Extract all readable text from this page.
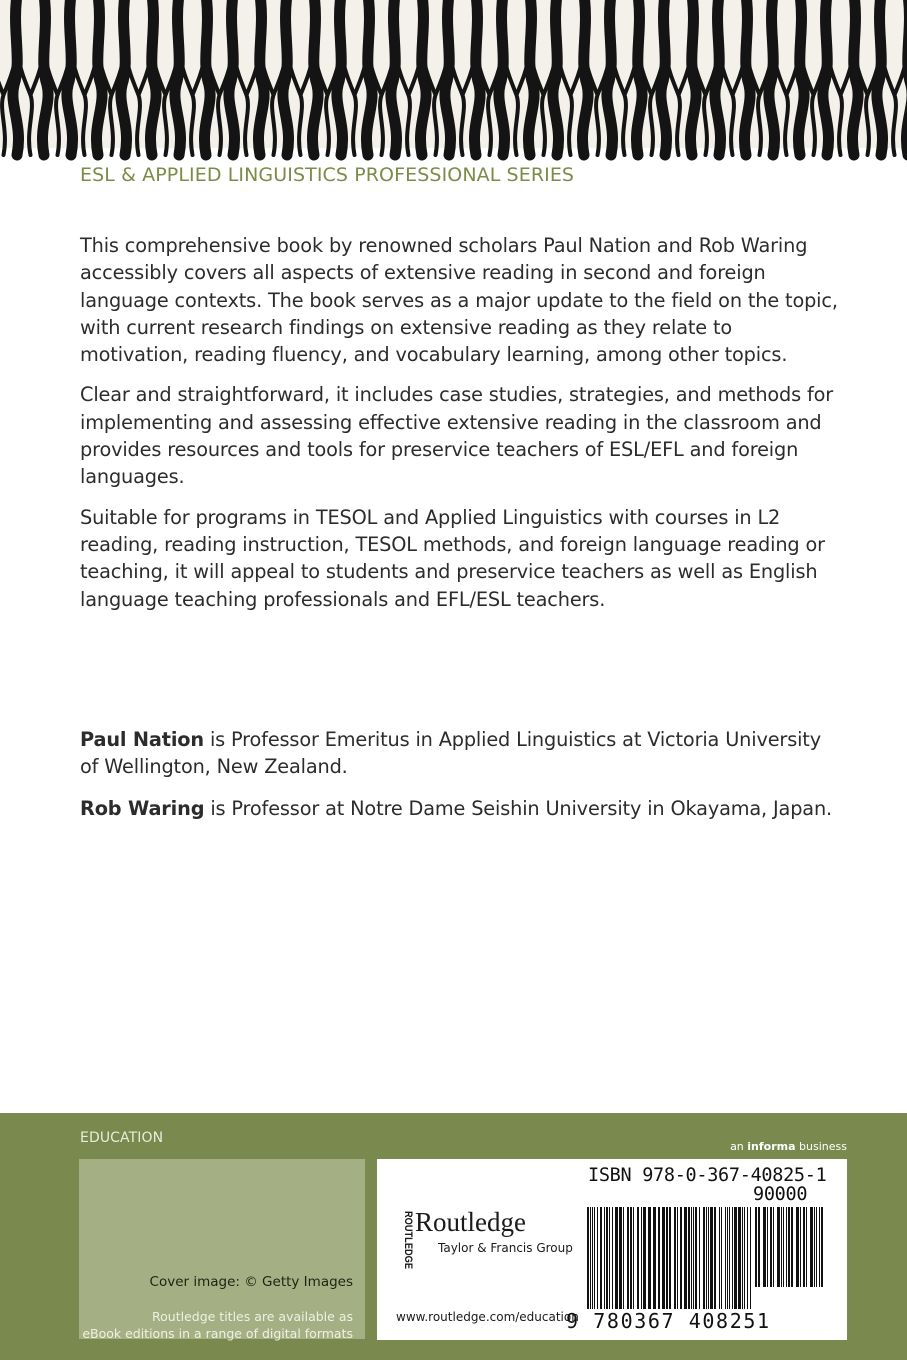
ESL & APPLIED LINGUISTICS PROFESSIONAL SERIES

This comprehensive book by renowned scholars Paul Nation and Rob Waring accessibly covers all aspects of extensive reading in second and foreign language contexts. The book serves as a major update to the field on the topic, with current research findings on extensive reading as they relate to motivation, reading fluency, and vocabulary learning, among other topics.

Clear and straightforward, it includes case studies, strategies, and methods for implementing and assessing effective extensive reading in the classroom and provides resources and tools for preservice teachers of ESL/EFL and foreign languages.

Suitable for programs in TESOL and Applied Linguistics with courses in L2 reading, reading instruction, TESOL methods, and foreign language reading or teaching, it will appeal to students and preservice teachers as well as English language teaching professionals and EFL/ESL teachers.

Paul Nation is Professor Emeritus in Applied Linguistics at Victoria University of Wellington, New Zealand.

Rob Waring is Professor at Notre Dame Seishin University in Okayama, Japan.

EDUCATION
an informa business
Cover image: © Getty Images
Routledge titles are available as
eBook editions in a range of digital formats
ROUTLEDGE Routledge
Taylor & Francis Group
www.routledge.com/education
ISBN 978-0-367-40825-1
90000
9 780367 408251
